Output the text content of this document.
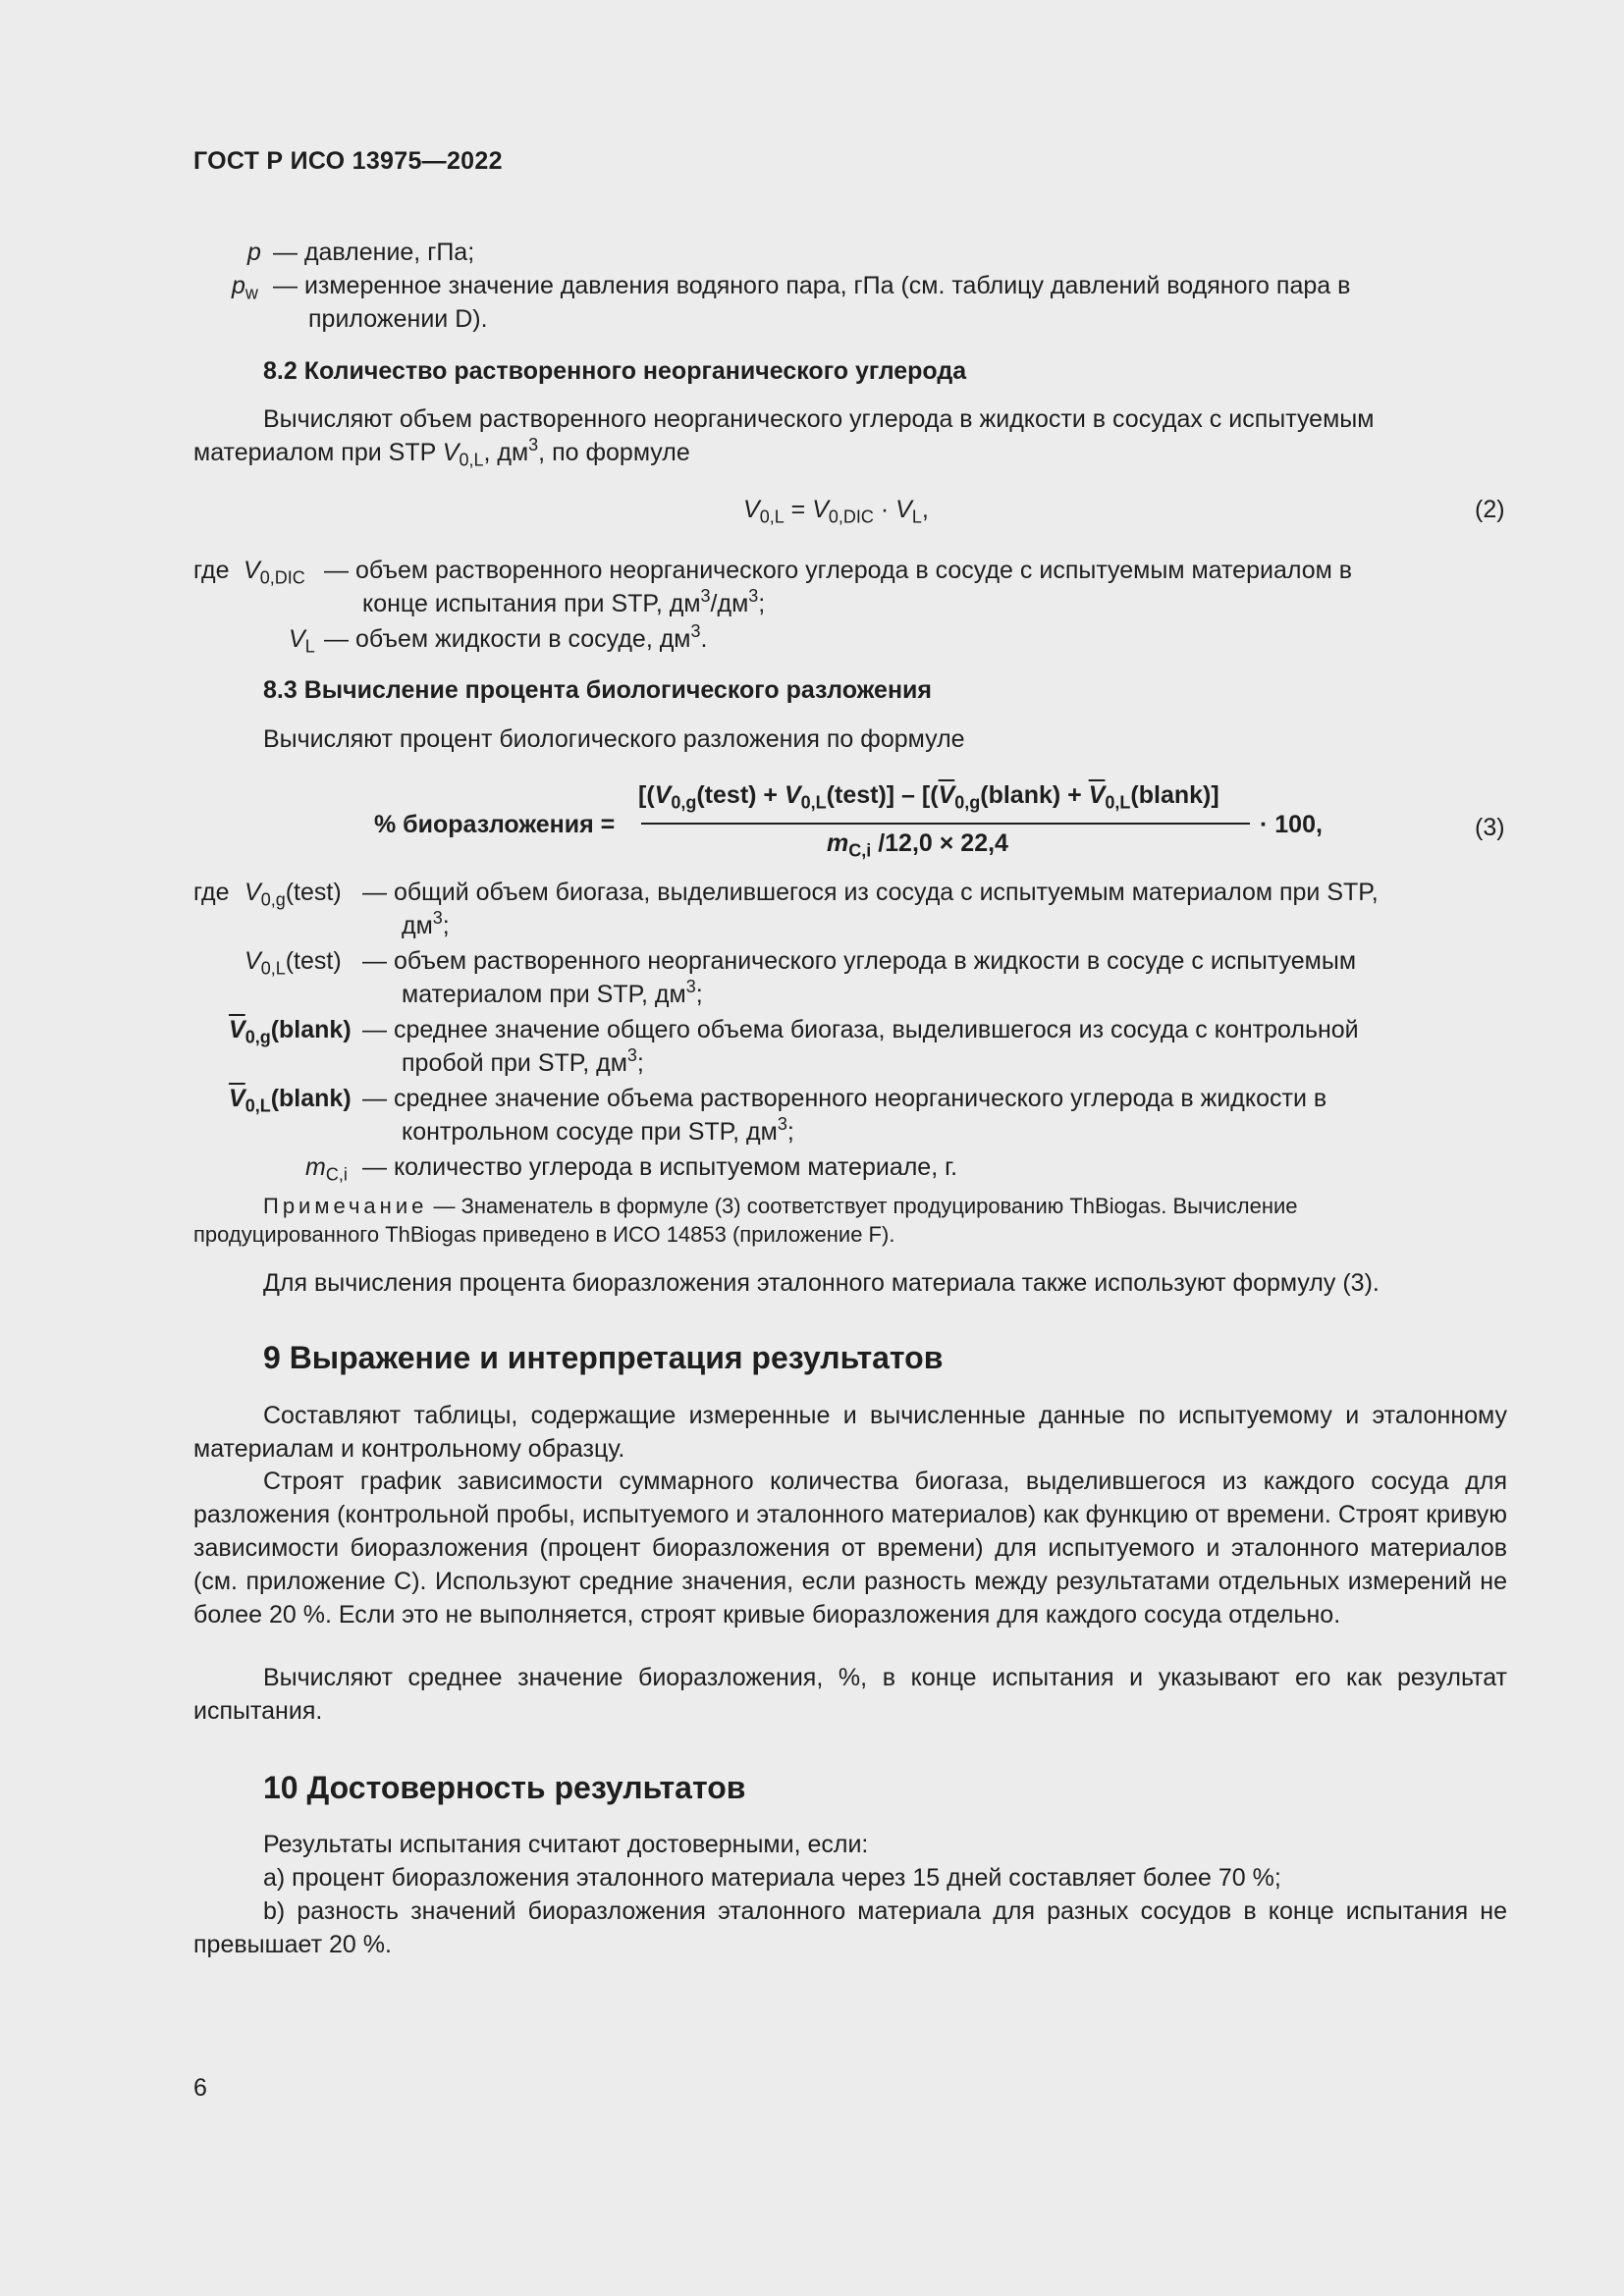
ГОСТ Р ИСО 13975—2022
p — давление, гПа;
$p_w$ — измеренное значение давления водяного пара, гПа (см. таблицу давлений водяного пара в
приложении D).
8.2 Количество растворенного неорганического углерода
Вычисляют объем растворенного неорганического углерода в жидкости в сосудах с испытуемым
материалом при STP $V_{0,L}$, $дм^3$, по формуле
$V_{0,L} = V_{0,DIC} \cdot V_L$,	(2)
где $V_{0,DIC}$ — объем растворенного неорганического углерода в сосуде с испытуемым материалом в
конце испытания при STP, $дм^3/дм^3$;
$V_L$ — объем жидкости в сосуде, $дм^3$.
8.3 Вычисление процента биологического разложения
Вычисляют процент биологического разложения по формуле
% биоразложения =
[($V_{0,g}(test)$ + $V_{0,L}(test)$] – [($\overline{V}_{0,g}(blank)$ + $\overline{V}_{0,L}(blank)$]
$m_{C,i}$ /12,0 × 22,4
· 100,	(3)
где $V_{0,g}(test)$ — общий объем биогаза, выделившегося из сосуда с испытуемым материалом при STP,
$дм^3$;
$V_{0,L}(test)$ — объем растворенного неорганического углерода в жидкости в сосуде с испытуемым
материалом при STP, $дм^3$;
$\overline{V}_{0,g}(blank)$ — среднее значение общего объема биогаза, выделившегося из сосуда с контрольной
пробой при STP, $дм^3$;
$\overline{V}_{0,L}(blank)$ — среднее значение объема растворенного неорганического углерода в жидкости в
контрольном сосуде при STP, $дм^3$;
$m_{C,i}$ — количество углерода в испытуемом материале, г.
Примечание — Знаменатель в формуле (3) соответствует продуцированию ThBiogas. Вычисление
продуцированного ThBiogas приведено в ИСО 14853 (приложение F).
Для вычисления процента биоразложения эталонного материала также используют формулу (3).
9 Выражение и интерпретация результатов
Составляют таблицы, содержащие измеренные и вычисленные данные по испытуемому и эталонному материалам и контрольному образцу.
Строят график зависимости суммарного количества биогаза, выделившегося из каждого сосуда для разложения (контрольной пробы, испытуемого и эталонного материалов) как функцию от времени. Строят кривую зависимости биоразложения (процент биоразложения от времени) для испытуемого и эталонного материалов (см. приложение С). Используют средние значения, если разность между результатами отдельных измерений не более 20 %. Если это не выполняется, строят кривые биоразложения для каждого сосуда отдельно.
Вычисляют среднее значение биоразложения, %, в конце испытания и указывают его как результат испытания.
10 Достоверность результатов
Результаты испытания считают достоверными, если:
a) процент биоразложения эталонного материала через 15 дней составляет более 70 %;
b) разность значений биоразложения эталонного материала для разных сосудов в конце испытания не превышает 20 %.
6
